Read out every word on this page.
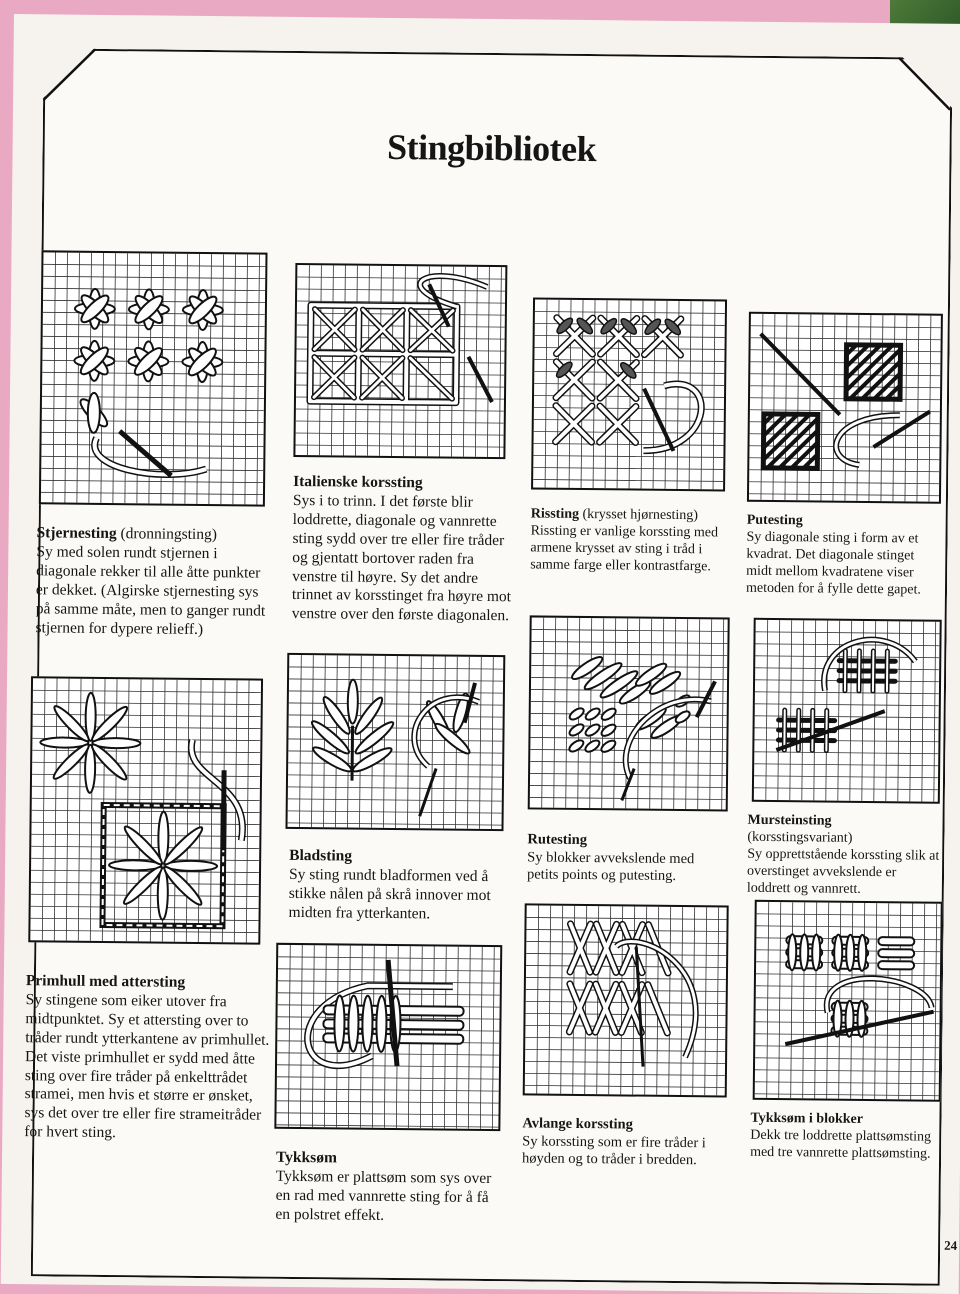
Stingbibliotek
Stjernesting (dronningsting)
Sy med solen rundt stjernen i diagonale rekker til alle åtte punkter er dekket. (Algirske stjernesting sys på samme måte, men to ganger rundt stjernen for dypere relieff.)
Italienske korssting
Sys i to trinn. I det første blir loddrette, diagonale og vannrette sting sydd over tre eller fire tråder og gjentatt bortover raden fra venstre til høyre. Sy det andre trinnet av korsstinget fra høyre mot venstre over den første diagonalen.
Rissting (krysset hjørnesting)
Rissting er vanlige korssting med armene krysset av sting i tråd i samme farge eller kontrastfarge.
Putesting
Sy diagonale sting i form av et kvadrat. Det diagonale stinget midt mellom kvadratene viser metoden for å fylle dette gapet.
Primhull med attersting
Sy stingene som eiker utover fra midtpunktet. Sy et attersting over to tråder rundt ytterkantene av primhullet. Det viste primhullet er sydd med åtte sting over fire tråder på enkelttrådet stramei, men hvis et større er ønsket, sys det over tre eller fire strameitråder for hvert sting.
Bladsting
Sy sting rundt bladformen ved å stikke nålen på skrå innover mot midten fra ytterkanten.
Rutesting
Sy blokker avvekslende med petits points og putesting.
Mursteinsting
(korsstingsvariant)
Sy opprettstående korssting slik at overstinget avvekslende er loddrett og vannrett.
Tykksøm
Tykksøm er plattsøm som sys over en rad med vannrette sting for å få en polstret effekt.
Avlange korssting
Sy korssting som er fire tråder i høyden og to tråder i bredden.
Tykksøm i blokker
Dekk tre loddrette plattsømsting med tre vannrette plattsømsting.
24
